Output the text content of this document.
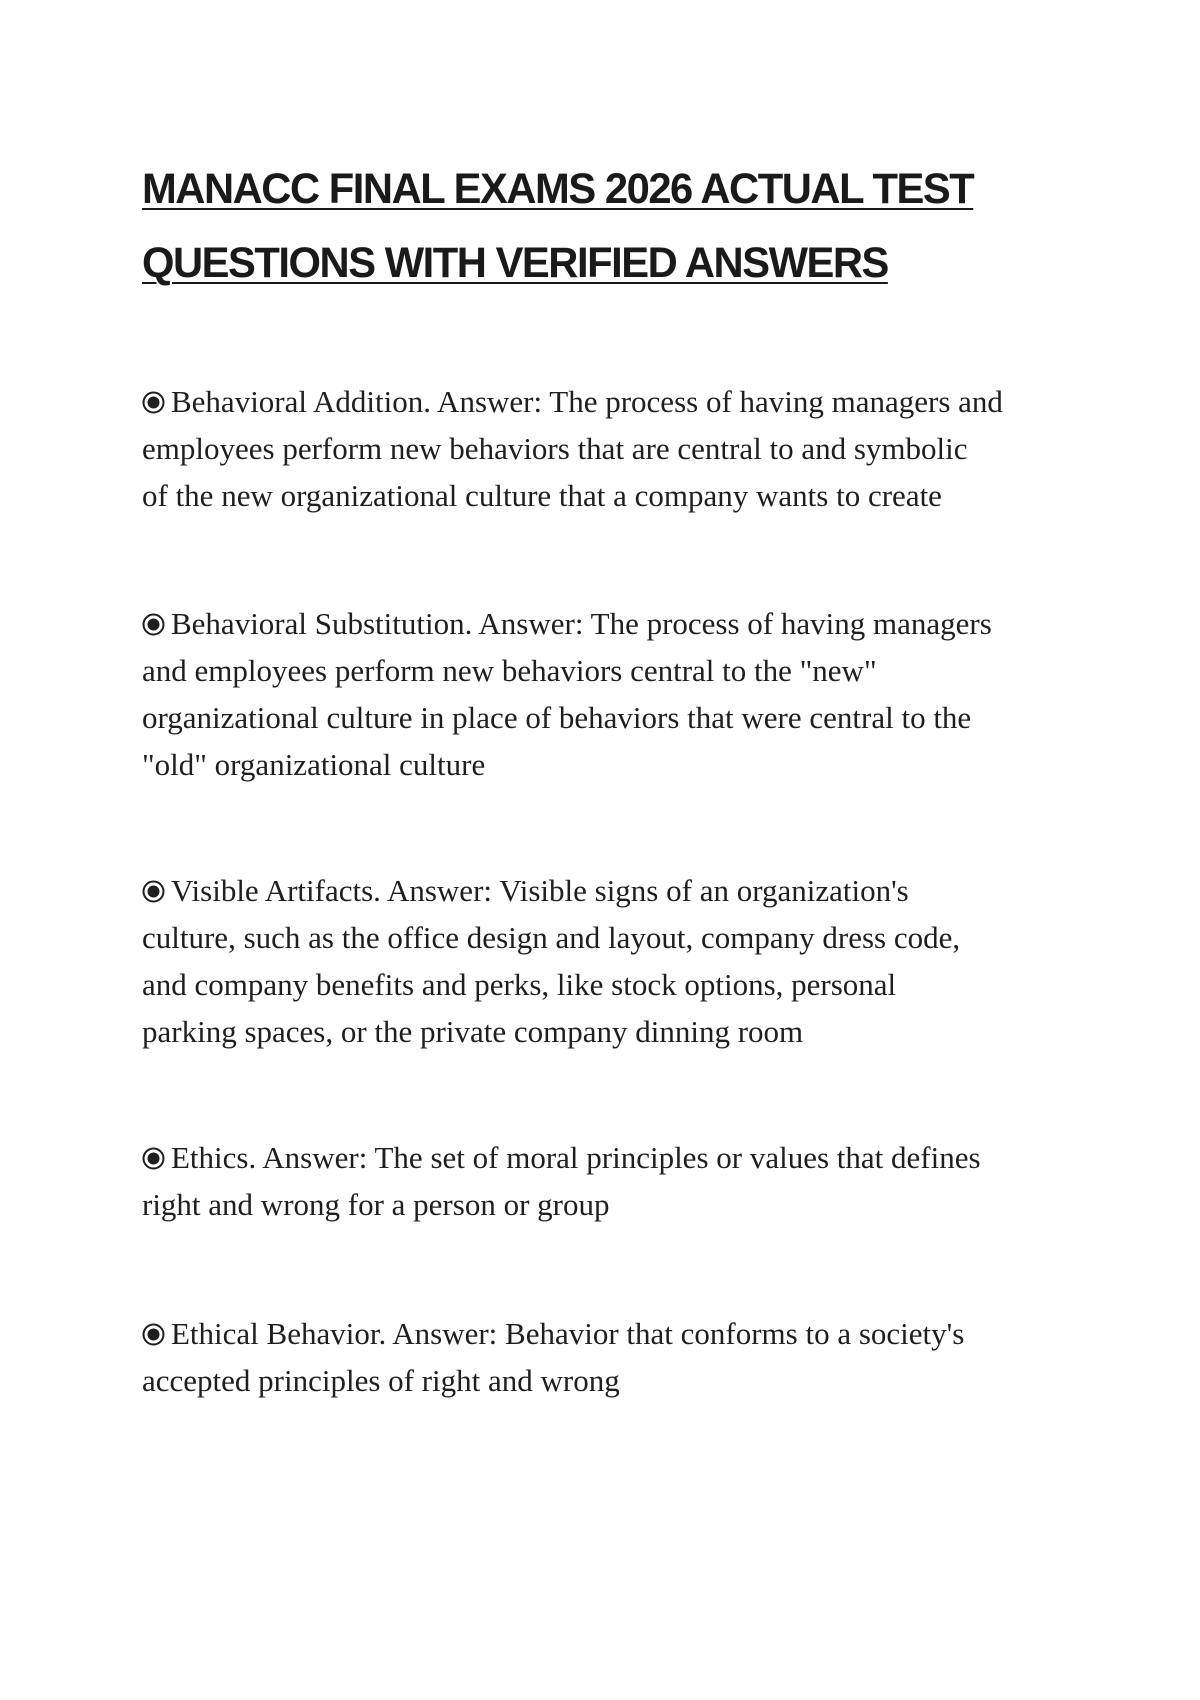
MANACC FINAL EXAMS 2026 ACTUAL TEST
QUESTIONS WITH VERIFIED ANSWERS
Behavioral Addition. Answer: The process of having managers and
employees perform new behaviors that are central to and symbolic
of the new organizational culture that a company wants to create
Behavioral Substitution. Answer: The process of having managers
and employees perform new behaviors central to the "new"
organizational culture in place of behaviors that were central to the
"old" organizational culture
Visible Artifacts. Answer: Visible signs of an organization's
culture, such as the office design and layout, company dress code,
and company benefits and perks, like stock options, personal
parking spaces, or the private company dinning room
Ethics. Answer: The set of moral principles or values that defines
right and wrong for a person or group
Ethical Behavior. Answer: Behavior that conforms to a society's
accepted principles of right and wrong
